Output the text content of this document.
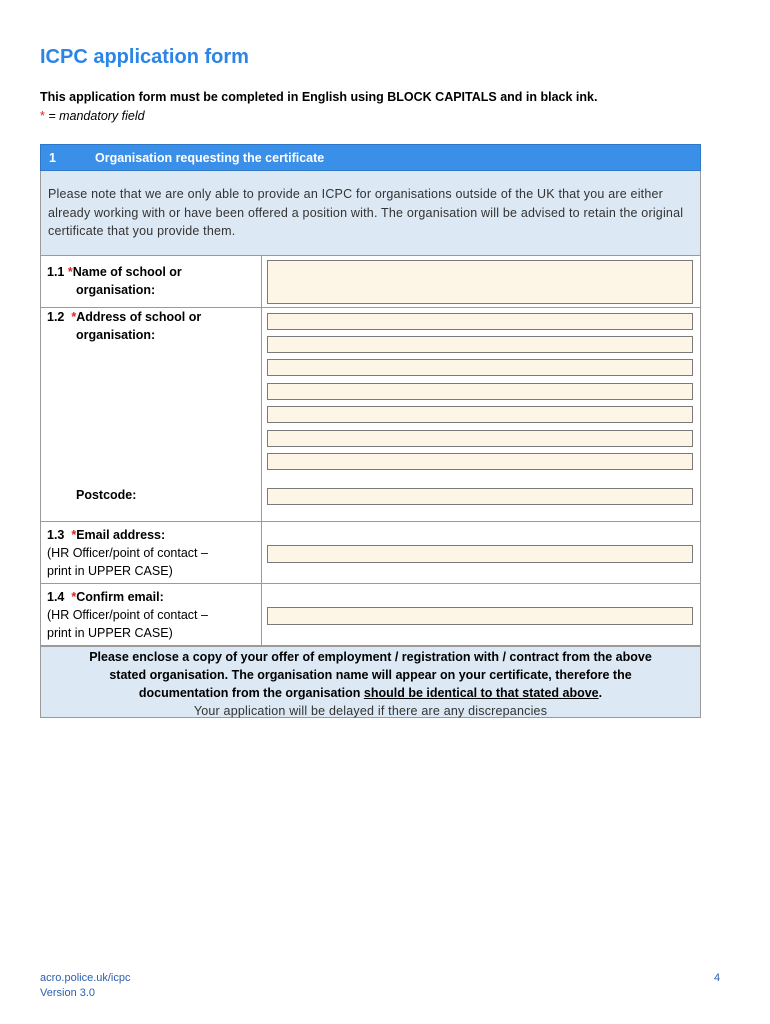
ICPC application form
This application form must be completed in English using BLOCK CAPITALS and in black ink.
* = mandatory field
1	Organisation requesting the certificate
Please note that we are only able to provide an ICPC for organisations outside of the UK that you are either already working with or have been offered a position with. The organisation will be advised to retain the original certificate that you provide them.
1.1 *Name of school or
organisation:
1.2 *Address of school or
organisation:
Postcode:
1.3 *Email address:
(HR Officer/point of contact –
print in UPPER CASE)
1.4 *Confirm email:
(HR Officer/point of contact –
print in UPPER CASE)
Please enclose a copy of your offer of employment / registration with / contract from the above
stated organisation. The organisation name will appear on your certificate, therefore the
documentation from the organisation should be identical to that stated above.
Your application will be delayed if there are any discrepancies
acro.police.uk/icpc
Version 3.0
4
